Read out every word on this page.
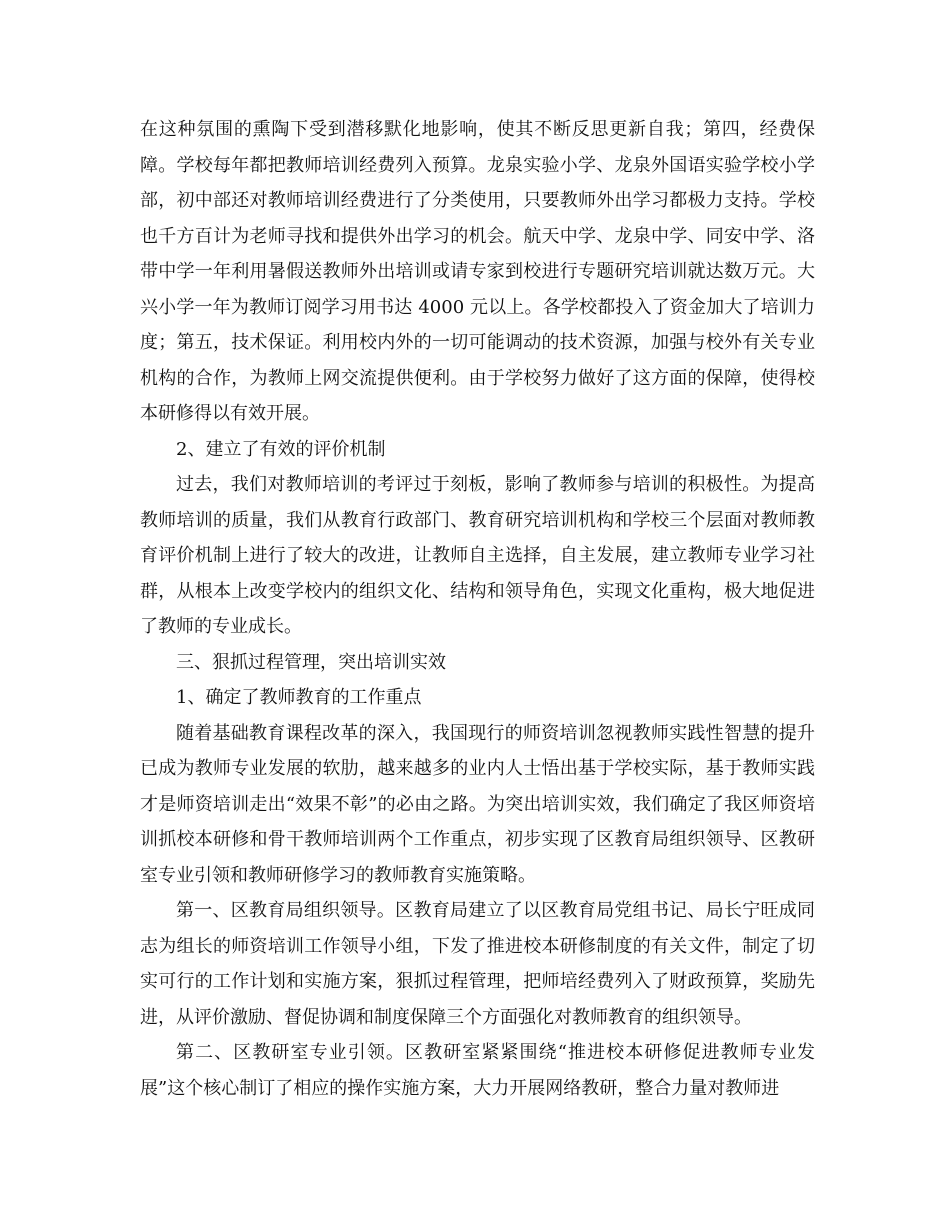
在这种氛围的熏陶下受到潜移默化地影响，使其不断反思更新自我；第四，经费保障。学校每年都把教师培训经费列入预算。龙泉实验小学、龙泉外国语实验学校小学部，初中部还对教师培训经费进行了分类使用，只要教师外出学习都极力支持。学校也千方百计为老师寻找和提供外出学习的机会。航天中学、龙泉中学、同安中学、洛带中学一年利用暑假送教师外出培训或请专家到校进行专题研究培训就达数万元。大兴小学一年为教师订阅学习用书达 4000 元以上。各学校都投入了资金加大了培训力度；第五，技术保证。利用校内外的一切可能调动的技术资源，加强与校外有关专业机构的合作，为教师上网交流提供便利。由于学校努力做好了这方面的保障，使得校本研修得以有效开展。

2、建立了有效的评价机制

过去，我们对教师培训的考评过于刻板，影响了教师参与培训的积极性。为提高教师培训的质量，我们从教育行政部门、教育研究培训机构和学校三个层面对教师教育评价机制上进行了较大的改进，让教师自主选择，自主发展，建立教师专业学习社群，从根本上改变学校内的组织文化、结构和领导角色，实现文化重构，极大地促进了教师的专业成长。

三、狠抓过程管理，突出培训实效

1、确定了教师教育的工作重点

随着基础教育课程改革的深入，我国现行的师资培训忽视教师实践性智慧的提升已成为教师专业发展的软肋，越来越多的业内人士悟出基于学校实际，基于教师实践才是师资培训走出“效果不彰”的必由之路。为突出培训实效，我们确定了我区师资培训抓校本研修和骨干教师培训两个工作重点，初步实现了区教育局组织领导、区教研室专业引领和教师研修学习的教师教育实施策略。

第一、区教育局组织领导。区教育局建立了以区教育局党组书记、局长宁旺成同志为组长的师资培训工作领导小组，下发了推进校本研修制度的有关文件，制定了切实可行的工作计划和实施方案，狠抓过程管理，把师培经费列入了财政预算，奖励先进，从评价激励、督促协调和制度保障三个方面强化对教师教育的组织领导。

第二、区教研室专业引领。区教研室紧紧围绕“推进校本研修促进教师专业发展”这个核心制订了相应的操作实施方案，大力开展网络教研，整合力量对教师进
